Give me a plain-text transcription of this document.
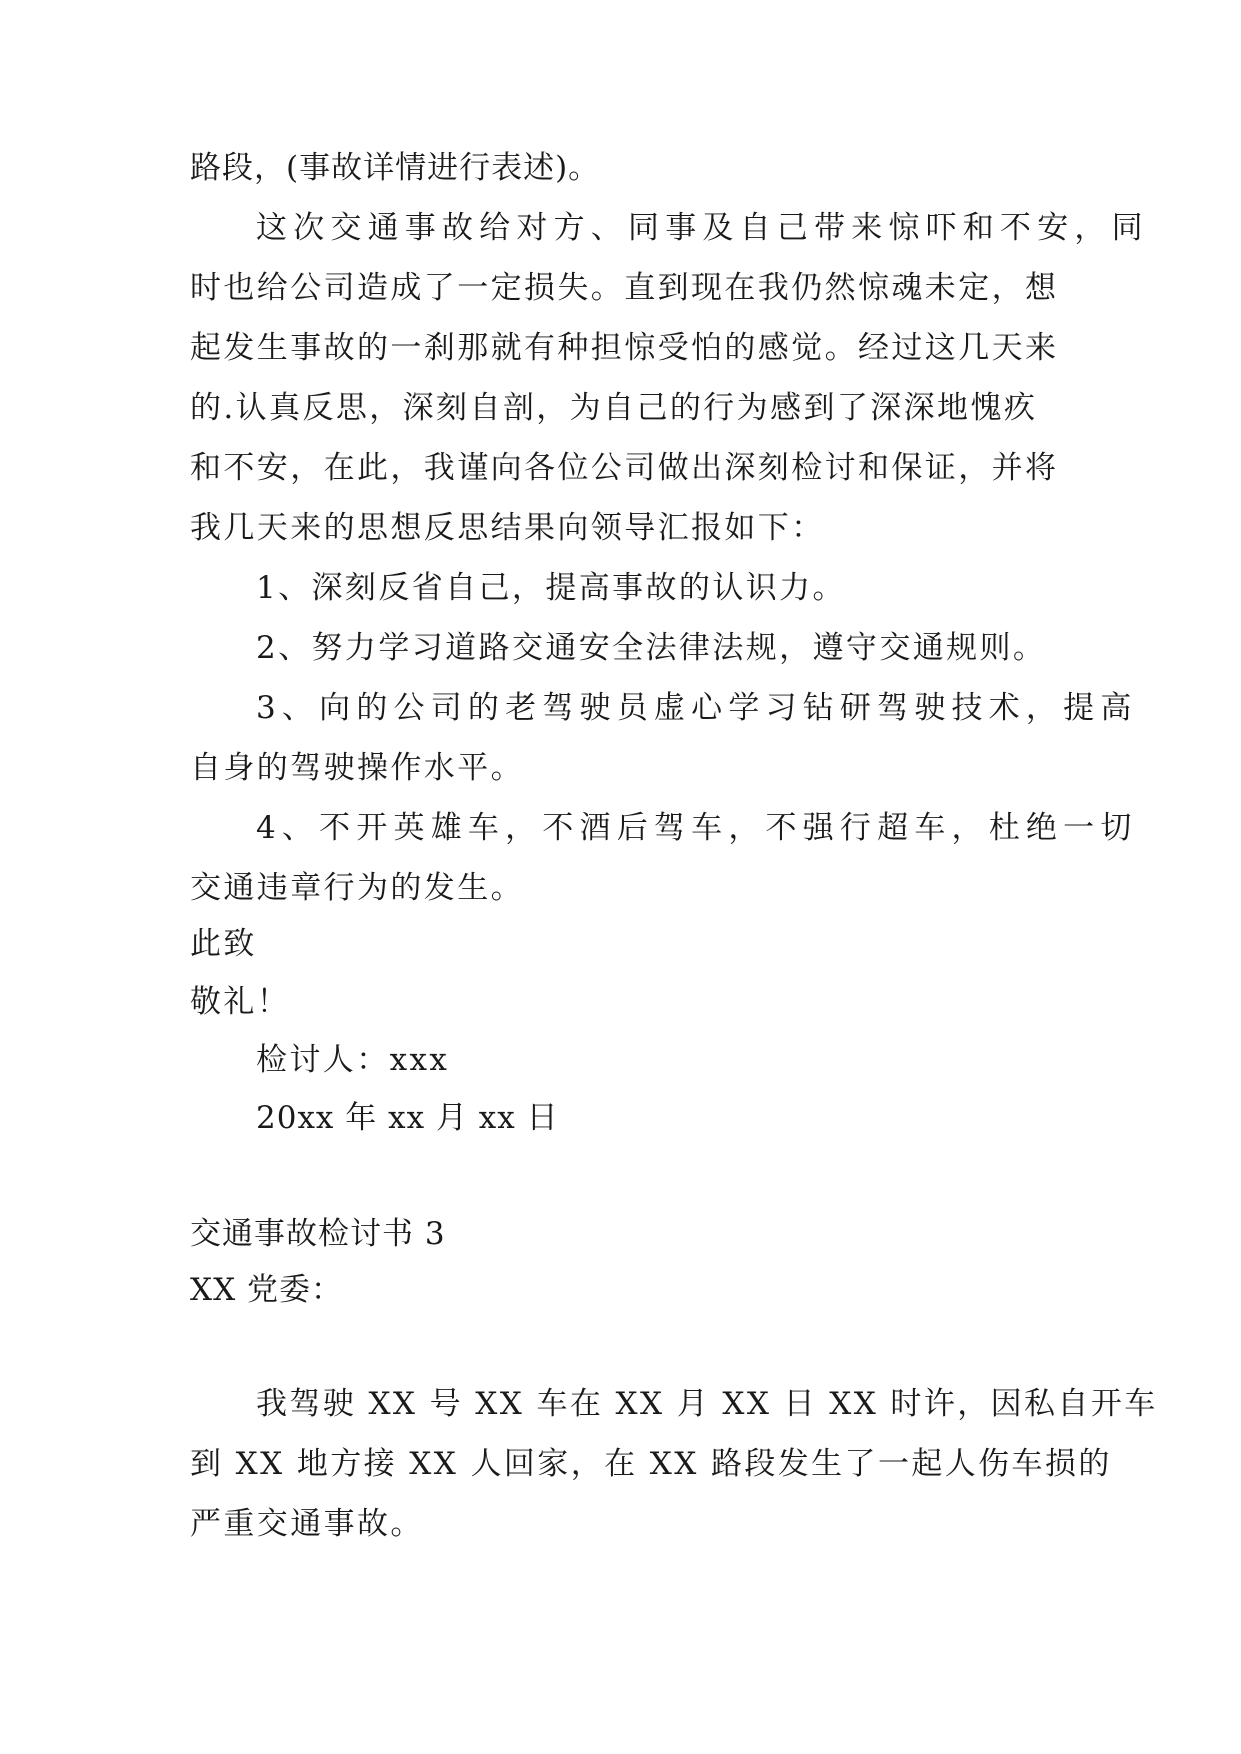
路段，(事故详情进行表述)。
这次交通事故给对方、同事及自己带来惊吓和不安，同
时也给公司造成了一定损失。直到现在我仍然惊魂未定，想
起发生事故的一刹那就有种担惊受怕的感觉。经过这几天来
的.认真反思，深刻自剖，为自己的行为感到了深深地愧疚
和不安，在此，我谨向各位公司做出深刻检讨和保证，并将
我几天来的思想反思结果向领导汇报如下：
1、深刻反省自己，提高事故的认识力。
2、努力学习道路交通安全法律法规，遵守交通规则。
3、向的公司的老驾驶员虚心学习钻研驾驶技术，提高
自身的驾驶操作水平。
4、不开英雄车，不酒后驾车，不强行超车，杜绝一切
交通违章行为的发生。
此致
敬礼！
检讨人：xxx
20xx 年 xx 月 xx 日
交通事故检讨书 3
XX 党委：
我驾驶 XX 号 XX 车在 XX 月 XX 日 XX 时许，因私自开车
到 XX 地方接 XX 人回家，在 XX 路段发生了一起人伤车损的
严重交通事故。
